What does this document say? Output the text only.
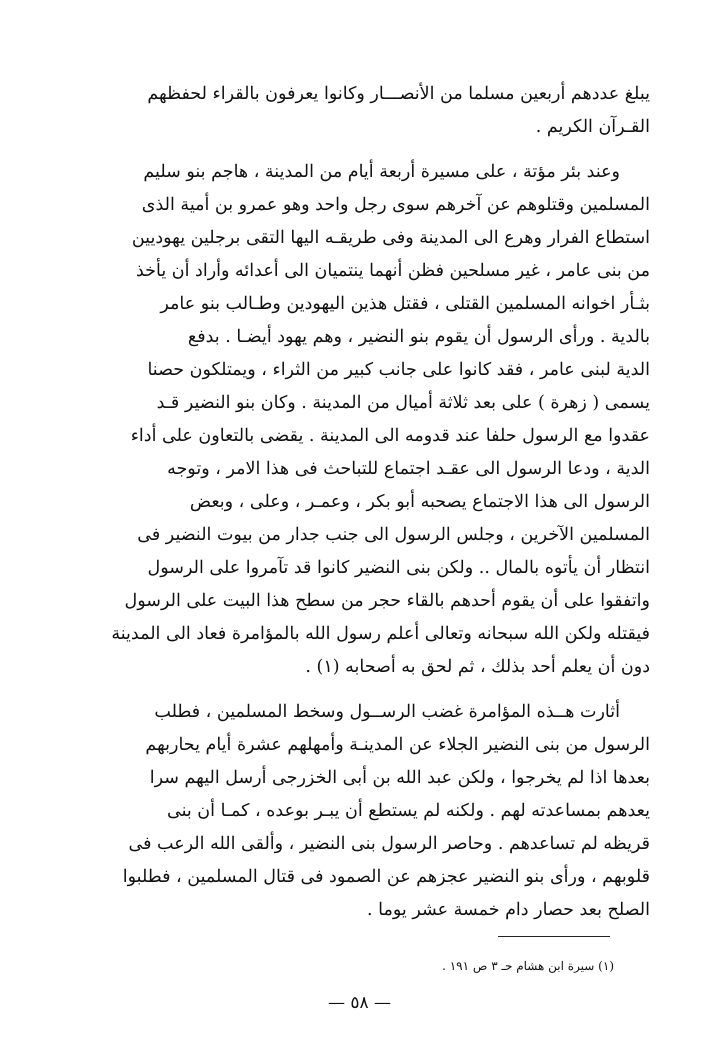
يبلغ عددهم أربعين مسلما من الأنصـــار وكانوا يعرفون بالقراء لحفظهم
القـرآن الكريم .

وعند بئر مؤتة ، على مسيرة أربعة أيام من المدينة ، هاجم بنو سليم
المسلمين وقتلوهم عن آخرهم سوى رجل واحد وهو عمرو بن أمية الذى
استطاع الفرار وهرع الى المدينة وفى طريقـه اليها التقى برجلين يهوديين
من بنى عامر ، غير مسلحين فظن أنهما ينتميان الى أعدائه وأراد أن يأخذ
بثـأر اخوانه المسلمين القتلى ، فقتل هذين اليهودين وطـالب بنو عامر
بالدية . ورأى الرسول أن يقوم بنو النضير ، وهم يهود أيضـا . بدفع
الدية لبنى عامر ، فقد كانوا على جانب كبير من الثراء ، ويمتلكون حصنا
يسمى ( زهرة ) على بعد ثلاثة أميال من المدينة . وكان بنو النضير قـد
عقدوا مع الرسول حلفا عند قدومه الى المدينة . يقضى بالتعاون على أداء
الدية ، ودعا الرسول الى عقـد اجتماع للتباحث فى هذا الامر ، وتوجه
الرسول الى هذا الاجتماع يصحبه أبو بكر ، وعمـر ، وعلى ، وبعض
المسلمين الآخرين ، وجلس الرسول الى جنب جدار من بيوت النضير فى
انتظار أن يأتوه بالمال .. ولكن بنى النضير كانوا قد تآمروا على الرسول
واتفقوا على أن يقوم أحدهم بالقاء حجر من سطح هذا البيت على الرسول
فيقتله ولكن الله سبحانه وتعالى أعلم رسول الله بالمؤامرة فعاد الى المدينة
دون أن يعلم أحد بذلك ، ثم لحق به أصحابه (١) .

أثارت هــذه المؤامرة غضب الرســول وسخط المسلمين ، فطلب
الرسول من بنى النضير الجلاء عن المدينـة وأمهلهم عشرة أيام يحاربهم
بعدها اذا لم يخرجوا ، ولكن عبد الله بن أبى الخزرجى أرسل اليهم سرا
يعدهم بمساعدته لهم . ولكنه لم يستطع أن يبـر بوعده ، كمـا أن بنى
قريظه لم تساعدهم . وحاصر الرسول بنى النضير ، وألقى الله الرعب فى
قلوبهم ، ورأى بنو النضير عجزهم عن الصمود فى قتال المسلمين ، فطلبوا
الصلح بعد حصار دام خمسة عشر يوما .

(١) سيرة ابن هشام حـ ٣ ص ١٩١ .
— ٥٨ —
